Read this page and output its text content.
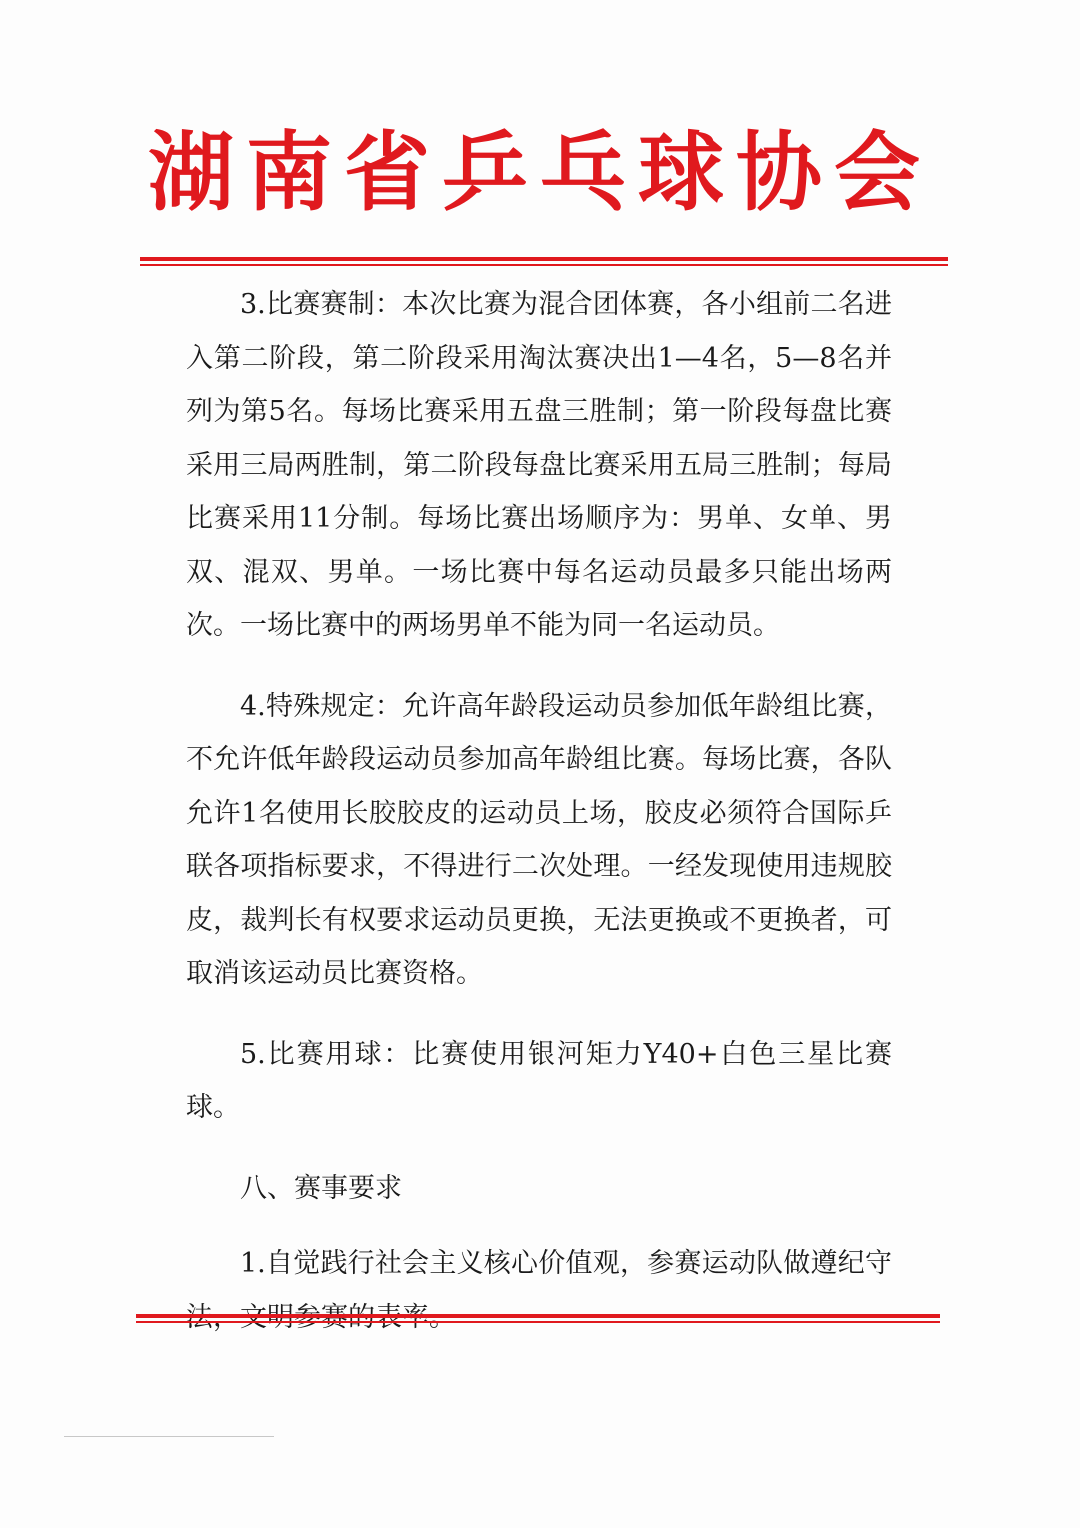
湖南省乒乓球协会

3.比赛赛制：本次比赛为混合团体赛，各小组前二名进入第二阶段，第二阶段采用淘汰赛决出1—4名，5—8名并列为第5名。每场比赛采用五盘三胜制；第一阶段每盘比赛采用三局两胜制，第二阶段每盘比赛采用五局三胜制；每局比赛采用11分制。每场比赛出场顺序为：男单、女单、男双、混双、男单。一场比赛中每名运动员最多只能出场两次。一场比赛中的两场男单不能为同一名运动员。

4.特殊规定：允许高年龄段运动员参加低年龄组比赛，不允许低年龄段运动员参加高年龄组比赛。每场比赛，各队允许1名使用长胶胶皮的运动员上场，胶皮必须符合国际乒联各项指标要求，不得进行二次处理。一经发现使用违规胶皮，裁判长有权要求运动员更换，无法更换或不更换者，可取消该运动员比赛资格。

5.比赛用球：比赛使用银河矩力Y40+白色三星比赛球。

八、赛事要求

1.自觉践行社会主义核心价值观，参赛运动队做遵纪守
